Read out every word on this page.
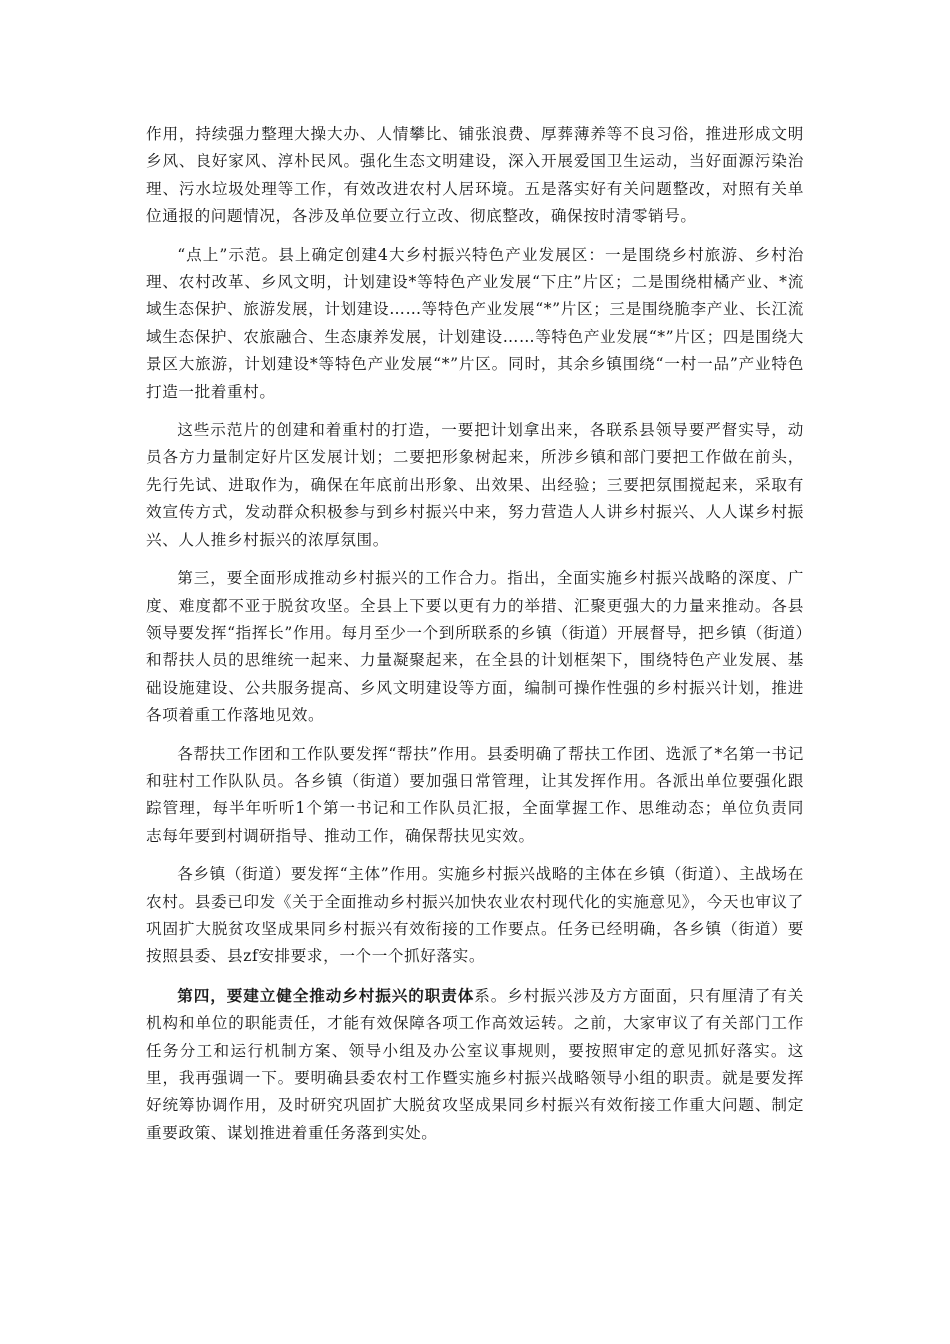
作用，持续强力整理大操大办、人情攀比、铺张浪费、厚葬薄养等不良习俗，推进形成文明乡风、良好家风、淳朴民风。强化生态文明建设，深入开展爱国卫生运动，当好面源污染治理、污水垃圾处理等工作，有效改进农村人居环境。五是落实好有关问题整改，对照有关单位通报的问题情况，各涉及单位要立行立改、彻底整改，确保按时清零销号。

“点上”示范。县上确定创建4大乡村振兴特色产业发展区：一是围绕乡村旅游、乡村治理、农村改革、乡风文明，计划建设*等特色产业发展“下庄”片区；二是围绕柑橘产业、*流域生态保护、旅游发展，计划建设……等特色产业发展“*”片区；三是围绕脆李产业、长江流域生态保护、农旅融合、生态康养发展，计划建设……等特色产业发展“*”片区；四是围绕大景区大旅游，计划建设*等特色产业发展“*”片区。同时，其余乡镇围绕“一村一品”产业特色打造一批着重村。

这些示范片的创建和着重村的打造，一要把计划拿出来，各联系县领导要严督实导，动员各方力量制定好片区发展计划；二要把形象树起来，所涉乡镇和部门要把工作做在前头，先行先试、进取作为，确保在年底前出形象、出效果、出经验；三要把氛围搅起来，采取有效宣传方式，发动群众积极参与到乡村振兴中来，努力营造人人讲乡村振兴、人人谋乡村振兴、人人推乡村振兴的浓厚氛围。

第三，要全面形成推动乡村振兴的工作合力。指出，全面实施乡村振兴战略的深度、广度、难度都不亚于脱贫攻坚。全县上下要以更有力的举措、汇聚更强大的力量来推动。各县领导要发挥“指挥长”作用。每月至少一个到所联系的乡镇（街道）开展督导，把乡镇（街道）和帮扶人员的思维统一起来、力量凝聚起来，在全县的计划框架下，围绕特色产业发展、基础设施建设、公共服务提高、乡风文明建设等方面，编制可操作性强的乡村振兴计划，推进各项着重工作落地见效。

各帮扶工作团和工作队要发挥“帮扶”作用。县委明确了帮扶工作团、选派了*名第一书记和驻村工作队队员。各乡镇（街道）要加强日常管理，让其发挥作用。各派出单位要强化跟踪管理，每半年听听1个第一书记和工作队员汇报，全面掌握工作、思维动态；单位负责同志每年要到村调研指导、推动工作，确保帮扶见实效。

各乡镇（街道）要发挥“主体”作用。实施乡村振兴战略的主体在乡镇（街道）、主战场在农村。县委已印发《关于全面推动乡村振兴加快农业农村现代化的实施意见》，今天也审议了巩固扩大脱贫攻坚成果同乡村振兴有效衔接的工作要点。任务已经明确，各乡镇（街道）要按照县委、县zf安排要求，一个一个抓好落实。

第四，要建立健全推动乡村振兴的职责体系。乡村振兴涉及方方面面，只有厘清了有关机构和单位的职能责任，才能有效保障各项工作高效运转。之前，大家审议了有关部门工作任务分工和运行机制方案、领导小组及办公室议事规则，要按照审定的意见抓好落实。这里，我再强调一下。要明确县委农村工作暨实施乡村振兴战略领导小组的职责。就是要发挥好统筹协调作用，及时研究巩固扩大脱贫攻坚成果同乡村振兴有效衔接工作重大问题、制定重要政策、谋划推进着重任务落到实处。
